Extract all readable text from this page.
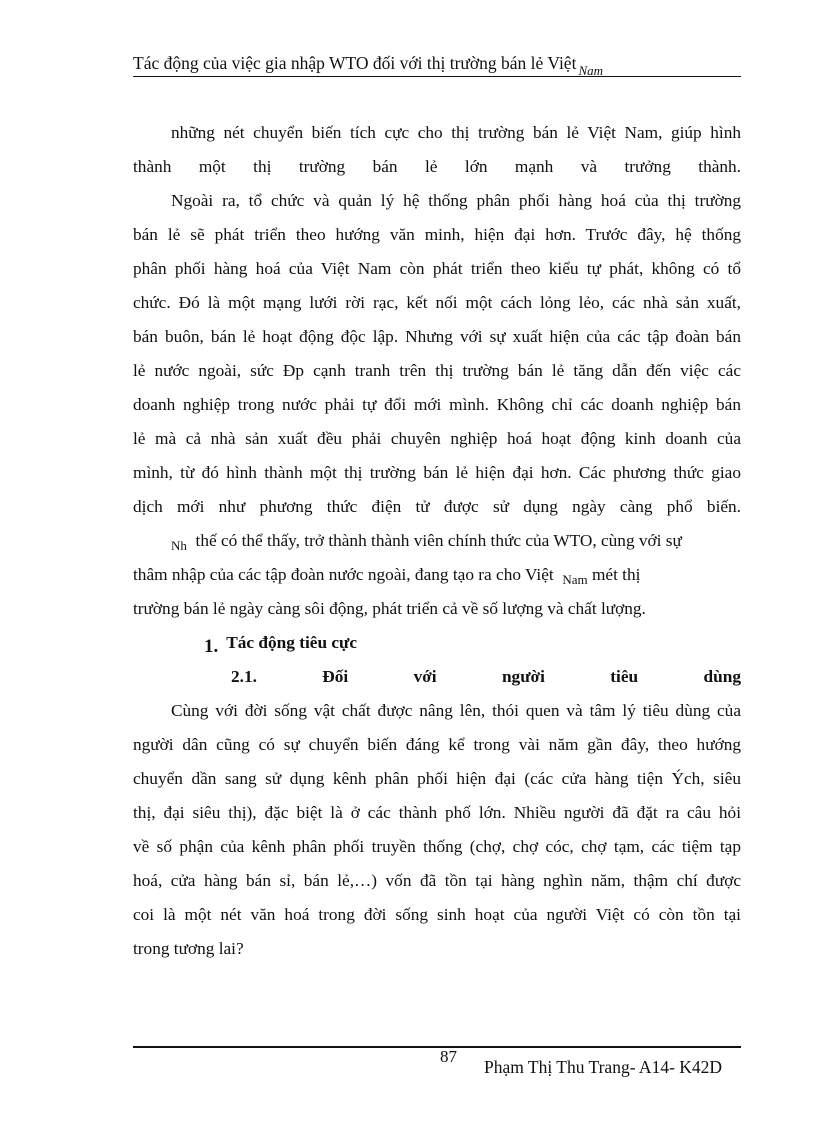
Tác động của việc gia nhập WTO đối với thị trường bán lẻ Việt $_{Nam}$
những nét chuyển biến tích cực cho thị trường bán lẻ Việt Nam, giúp hình
thành một thị trường bán lẻ lớn mạnh và trưởng thành.
Ngoài ra, tổ chức và quản lý hệ thống phân phối hàng hoá của thị trường
bán lẻ sẽ phát triển theo hướng văn minh, hiện đại hơn. Trước đây, hệ thống
phân phối hàng hoá của Việt Nam còn phát triển theo kiểu tự phát, không có tổ
chức. Đó là một mạng lưới rời rạc, kết nối một cách lỏng lẻo, các nhà sản xuất,
bán buôn, bán lẻ hoạt động độc lập. Nhưng với sự xuất hiện của các tập đoàn bán
lẻ nước ngoài, sức Ðp cạnh tranh trên thị trường bán lẻ tăng dẫn đến việc các
doanh nghiệp trong nước phải tự đổi mới mình. Không chỉ các doanh nghiệp bán
lẻ mà cả nhà sản xuất đều phải chuyên nghiệp hoá hoạt động kinh doanh của
mình, từ đó hình thành một thị trường bán lẻ hiện đại hơn. Các phương thức giao
dịch mới như phương thức điện tử được sử dụng ngày càng phổ biến.
$_{Nh}$ thế có thể thấy, trở thành thành viên chính thức của WTO, cùng với sự
thâm nhập của các tập đoàn nước ngoài, đang tạo ra cho Việt $_{Nam}$ mét thị
trường bán lẻ ngày càng sôi động, phát triển cả về số lượng và chất lượng.
1. Tác động tiêu cực
2.1.	Đối	với	người	tiêu	dùng
Cùng với đời sống vật chất được nâng lên, thói quen và tâm lý tiêu dùng của
người dân cũng có sự chuyển biến đáng kể trong vài năm gần đây, theo hướng
chuyển dần sang sử dụng kênh phân phối hiện đại (các cửa hàng tiện Ých, siêu
thị, đại siêu thị), đặc biệt là ở các thành phố lớn. Nhiều người đã đặt ra câu hỏi
về số phận của kênh phân phối truyền thống (chợ, chợ cóc, chợ tạm, các tiệm tạp
hoá, cửa hàng bán sỉ, bán lẻ,…) vốn đã tồn tại hàng nghìn năm, thậm chí được
coi là một nét văn hoá trong đời sống sinh hoạt của người Việt có còn tồn tại
trong tương lai?
87
Phạm Thị Thu Trang- A14- K42D
